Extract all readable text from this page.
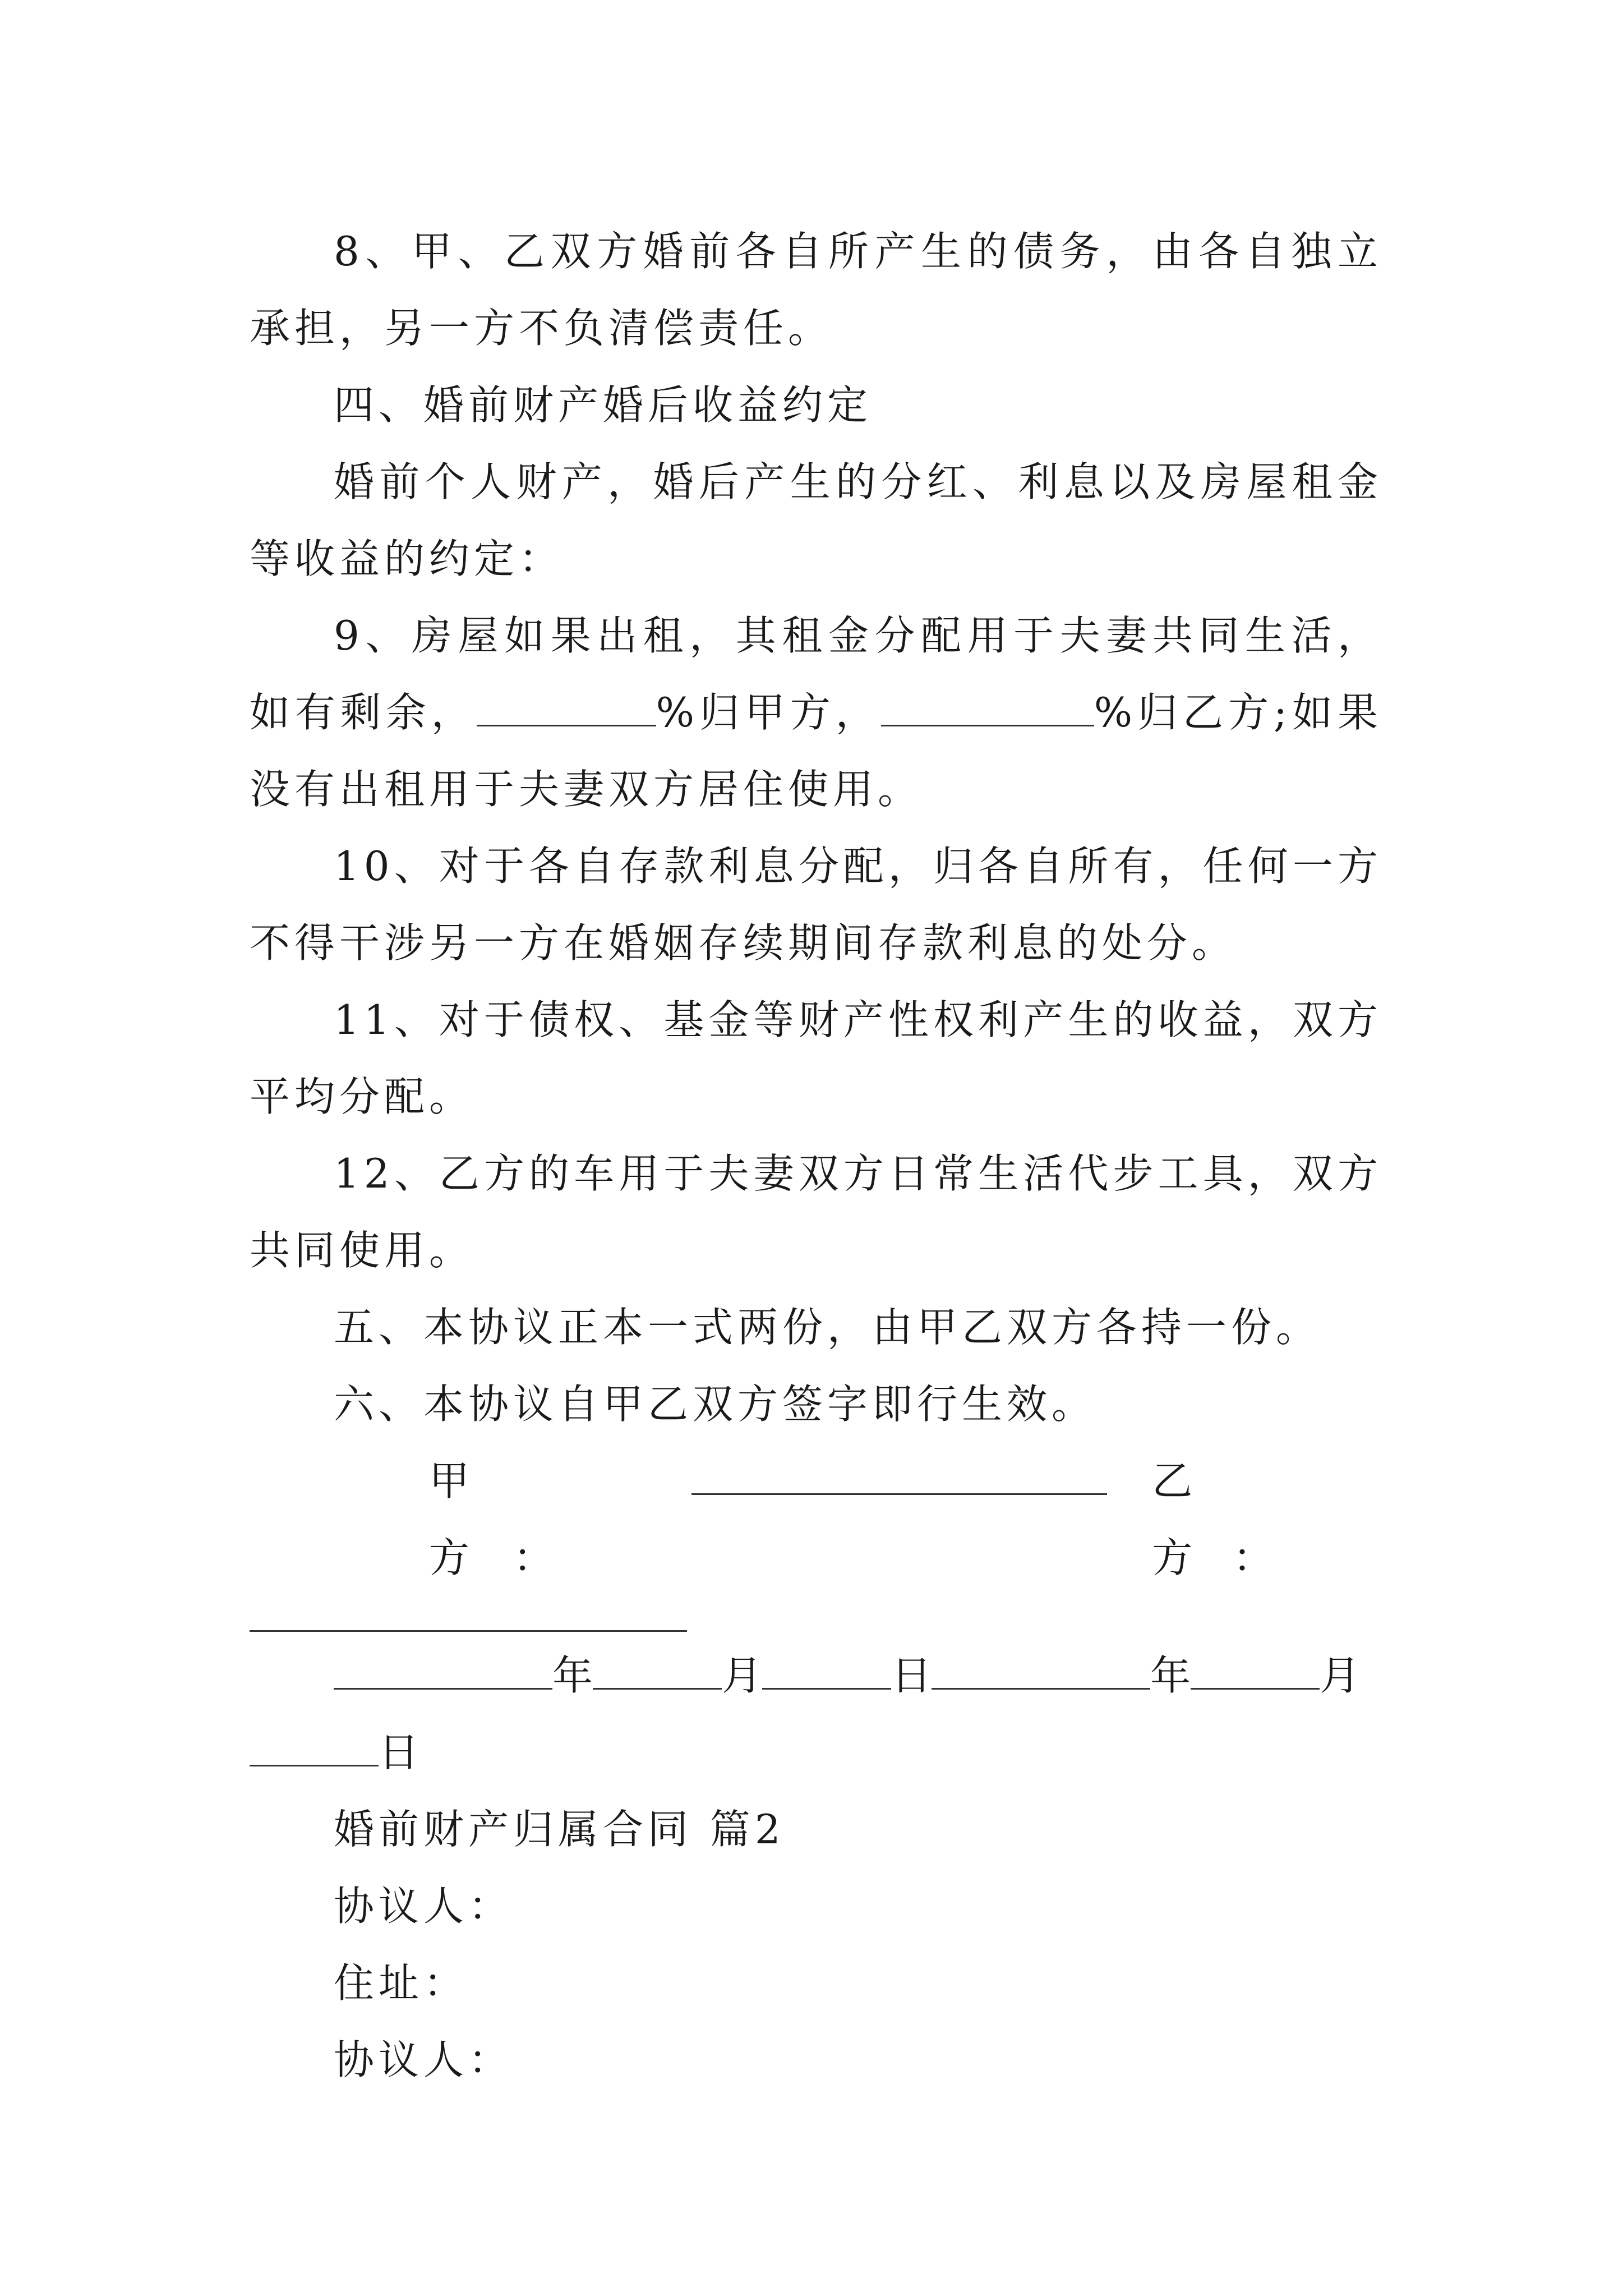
8、甲、乙双方婚前各自所产生的债务，由各自独立承担，另一方不负清偿责任。

四、婚前财产婚后收益约定

婚前个人财产，婚后产生的分红、利息以及房屋租金等收益的约定：

9、房屋如果出租，其租金分配用于夫妻共同生活，如有剩余，	%归甲方，	%归乙方;如果没有出租用于夫妻双方居住使用。

10、对于各自存款利息分配，归各自所有，任何一方不得干涉另一方在婚姻存续期间存款利息的处分。

11、对于债权、基金等财产性权利产生的收益，双方平均分配。

12、乙方的车用于夫妻双方日常生活代步工具，双方共同使用。

五、本协议正本一式两份，由甲乙双方各持一份。

六、本协议自甲乙双方签字即行生效。

甲方：
乙方：
年	月	日	年	月
日

婚前财产归属合同 篇2

协议人：

住址：

协议人：
